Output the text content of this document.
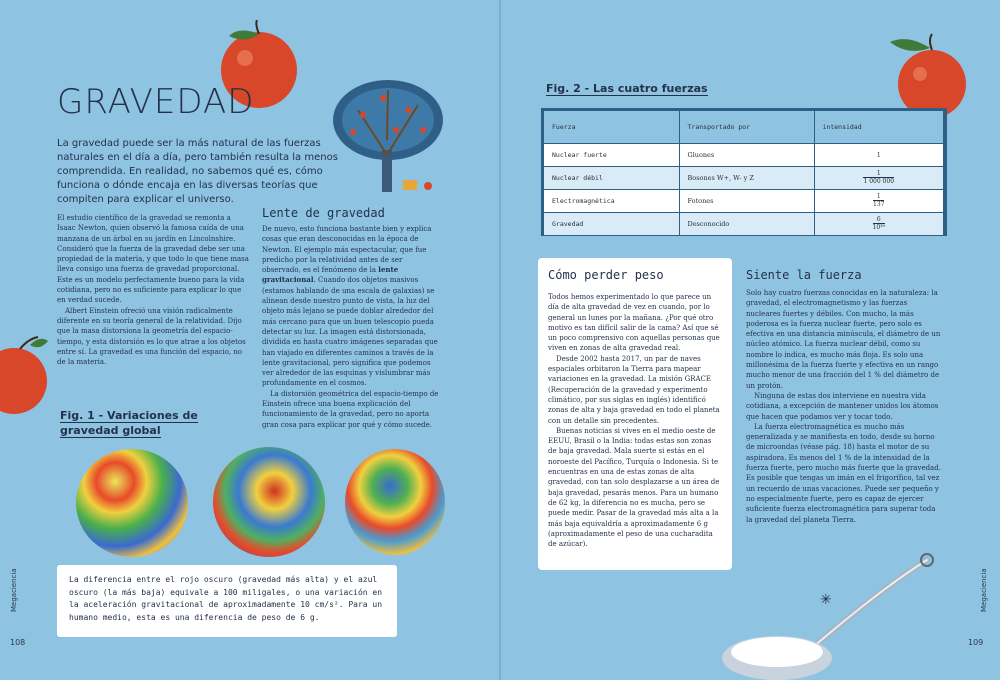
GRAVEDAD

La gravedad puede ser la más natural de las fuerzas naturales en el día a día, pero también resulta la menos comprendida. En realidad, no sabemos qué es, cómo funciona o dónde encaja en las diversas teorías que compiten para explicar el universo.

El estudio científico de la gravedad se remonta a Isaac Newton, quien observó la famosa caída de una manzana de un árbol en su jardín en Lincolnshire. Consideró que la fuerza de la gravedad debe ser una propiedad de la materia, y que todo lo que tiene masa lleva consigo una fuerza de gravedad proporcional. Este es un modelo perfectamente bueno para la vida cotidiana, pero no es suficiente para explicar lo que en verdad sucede.

Albert Einstein ofreció una visión radicalmente diferente en su teoría general de la relatividad. Dijo que la masa distorsiona la geometría del espacio-tiempo, y esta distorsión es lo que atrae a los objetos entre sí. La gravedad es una función del espacio, no de la materia.

Lente de gravedad

De nuevo, esto funciona bastante bien y explica cosas que eran desconocidas en la época de Newton. El ejemplo más espectacular, que fue predicho por la relatividad antes de ser observado, es el fenómeno de la lente gravitacional. Cuando dos objetos masivos (estamos hablando de una escala de galaxias) se alinean desde nuestro punto de vista, la luz del objeto más lejano se puede doblar alrededor del más cercano para que un buen telescopio pueda detectar su luz. La imagen está distorsionada, dividida en hasta cuatro imágenes separadas que han viajado en diferentes caminos a través de la lente gravitacional, pero significa que podemos ver alrededor de las esquinas y vislumbrar más profundamente en el cosmos.

La distorsión geométrica del espacio-tiempo de Einstein ofrece una buena explicación del funcionamiento de la gravedad, pero no aporta gran cosa para explicar por qué y cómo sucede.

Fig. 1 - Variaciones de gravedad global
La diferencia entre el rojo oscuro (gravedad más alta) y el azul oscuro (la más baja) equivale a 100 miligales, o una variación en la aceleración gravitacional de aproximadamente 10 cm/s². Para un humano medio, esta es una diferencia de peso de 6 g.
Megaciencia
108
Fig. 2 - Las cuatro fuerzas
Fuerza	Transportado por	intensidad
Nuclear fuerte	Gluones	1
Nuclear débil	Bosones W+, W- y Z	$\frac{1}{1 000 000}$

Electromagnética	Fotones	$\frac{1}{137}$

Gravedad	Desconocido	$\frac{6}{\text{10³⁹}}$
Cómo perder peso

Todos hemos experimentado lo que parece un día de alta gravedad de vez en cuando, por lo general un lunes por la mañana. ¿Por qué otro motivo es tan difícil salir de la cama? Así que sé un poco comprensivo con aquellas personas que viven en zonas de alta gravedad real.

Desde 2002 hasta 2017, un par de naves espaciales orbitaron la Tierra para mapear variaciones en la gravedad. La misión GRACE (Recuperación de la gravedad y experimento climático, por sus siglas en inglés) identificó zonas de alta y baja gravedad en todo el planeta con un detalle sin precedentes.

Buenas noticias si vives en el medio oeste de EEUU, Brasil o la India: todas estas son zonas de baja gravedad. Mala suerte si estás en el noroeste del Pacífico, Turquía o Indonesia. Si te encuentras en una de estas zonas de alta gravedad, con tan solo desplazarse a un área de baja gravedad, pesarás menos. Para un humano de 62 kg, la diferencia no es mucha, pero se puede medir. Pasar de la gravedad más alta a la más baja equivaldría a aproximadamente 6 g (aproximadamente el peso de una cucharadita de azúcar).

Siente la fuerza

Solo hay cuatro fuerzas conocidas en la naturaleza: la gravedad, el electromagnetismo y las fuerzas nucleares fuertes y débiles. Con mucho, la más poderosa es la fuerza nuclear fuerte, pero solo es efectiva en una distancia minúscula, el diámetro de un núcleo atómico. La fuerza nuclear débil, como su nombre lo indica, es mucho más floja. Es solo una millonésima de la fuerza fuerte y efectiva en un rango mucho menor de una fracción del 1 % del diámetro de un protón.

Ninguna de estas dos interviene en nuestra vida cotidiana, a excepción de mantener unidos los átomos que hacen que podamos ver y tocar todo.

La fuerza electromagnética es mucho más generalizada y se manifiesta en todo, desde su horno de microondas (véase pág. 18) hasta el motor de su aspiradora. Es menos del 1 % de la intensidad de la fuerza fuerte, pero mucho más fuerte que la gravedad. Es posible que tengas un imán en el frigorífico, tal vez un recuerdo de unas vacaciones. Puede ser pequeño y no especialmente fuerte, pero es capaz de ejercer suficiente fuerza electromagnética para superar toda la gravedad del planeta Tierra.

✳	Megaciencia
109
